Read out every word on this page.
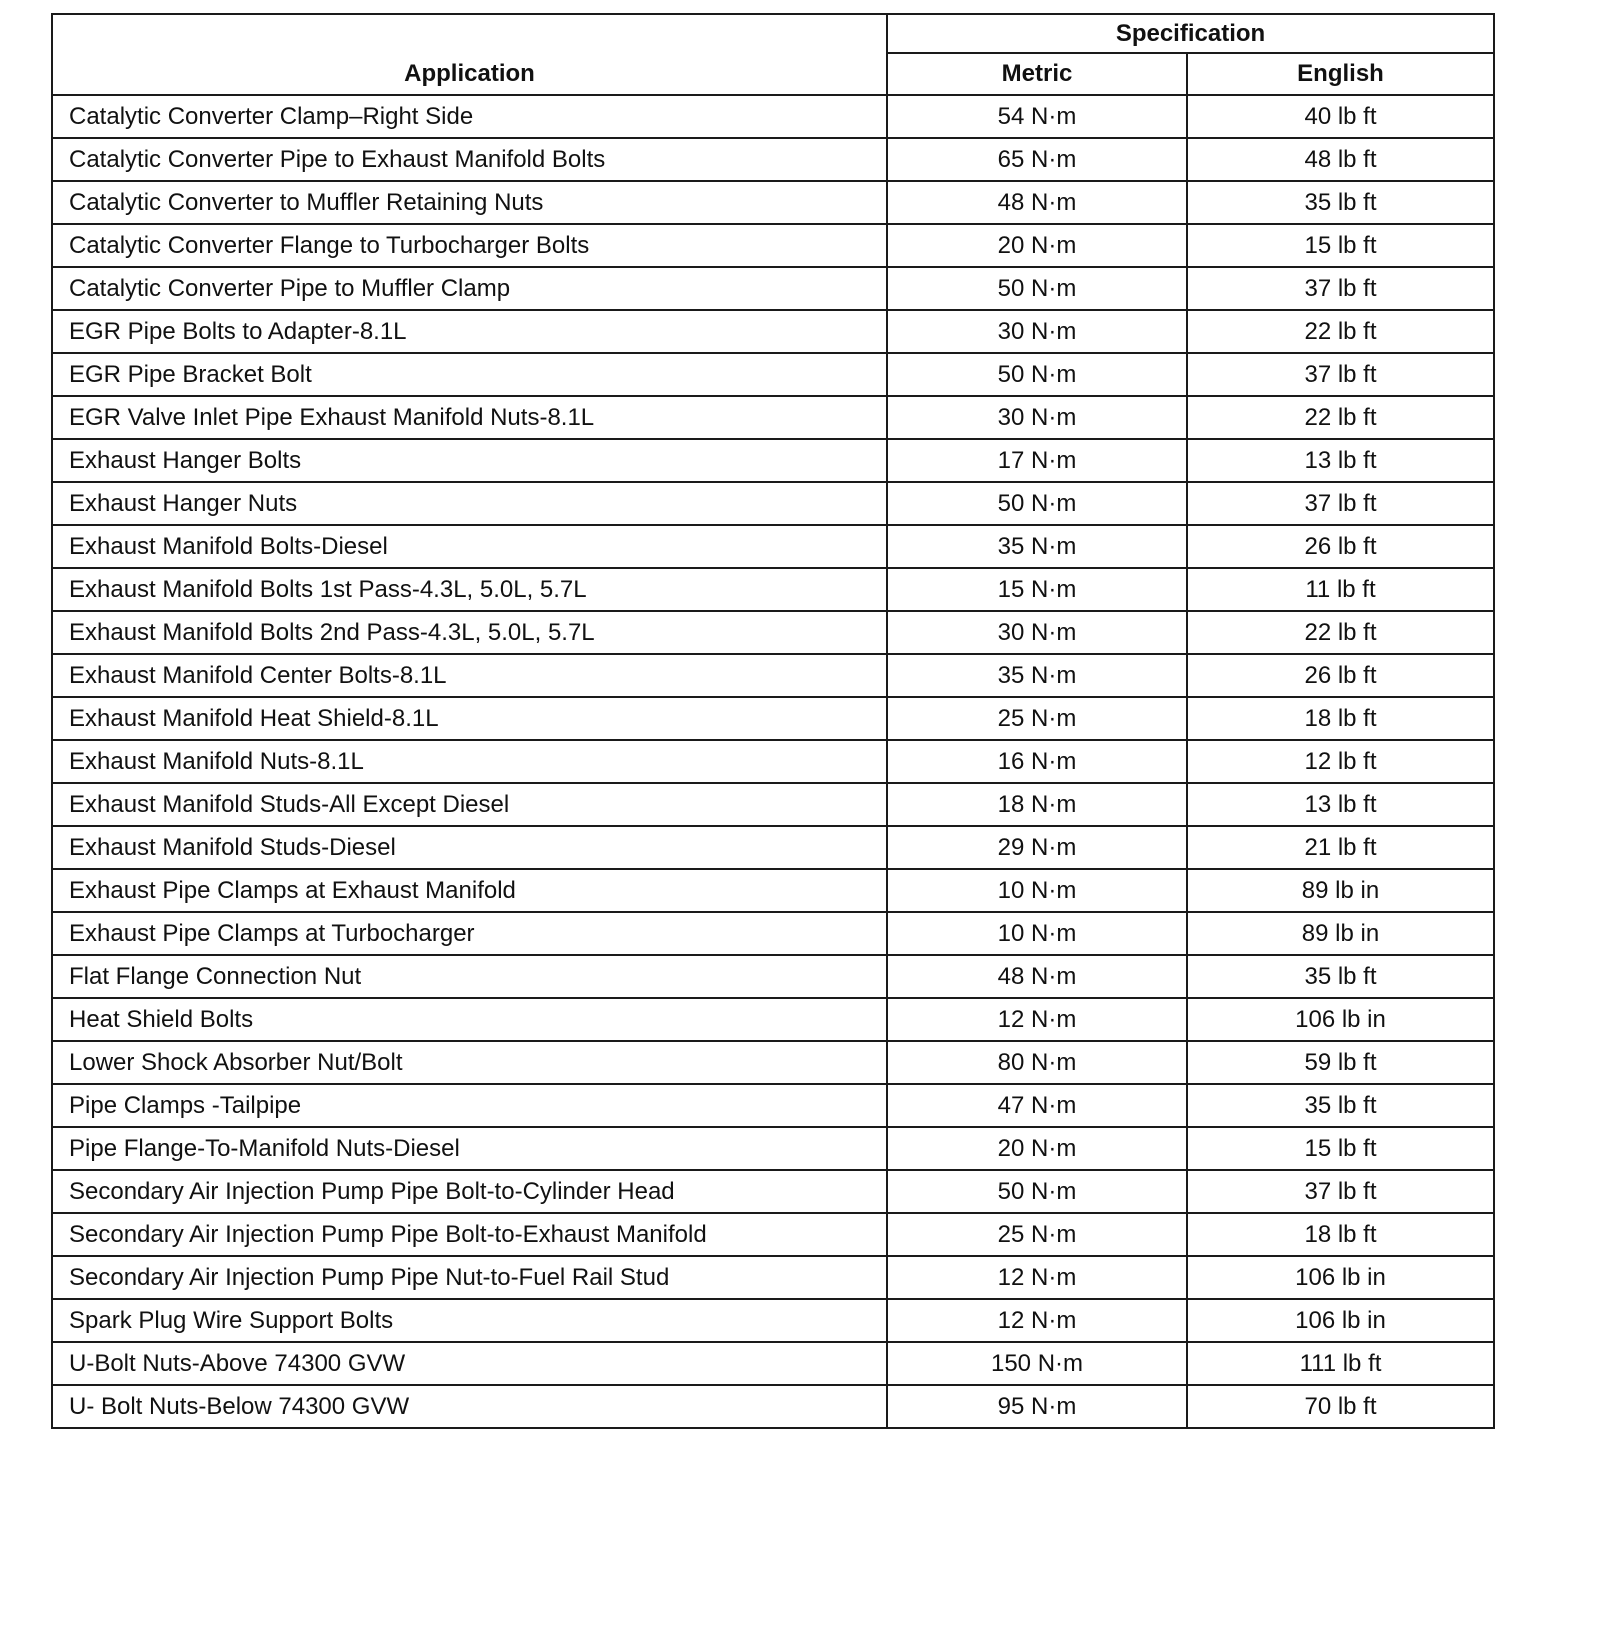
Application	Specification	
	Metric	English
Catalytic Converter Clamp–Right Side	54 N·m	40 lb ft
Catalytic Converter Pipe to Exhaust Manifold Bolts	65 N·m	48 lb ft
Catalytic Converter to Muffler Retaining Nuts	48 N·m	35 lb ft
Catalytic Converter Flange to Turbocharger Bolts	20 N·m	15 lb ft
Catalytic Converter Pipe to Muffler Clamp	50 N·m	37 lb ft
EGR Pipe Bolts to Adapter-8.1L	30 N·m	22 lb ft
EGR Pipe Bracket Bolt	50 N·m	37 lb ft
EGR Valve Inlet Pipe Exhaust Manifold Nuts-8.1L	30 N·m	22 lb ft
Exhaust Hanger Bolts	17 N·m	13 lb ft
Exhaust Hanger Nuts	50 N·m	37 lb ft
Exhaust Manifold Bolts-Diesel	35 N·m	26 lb ft
Exhaust Manifold Bolts 1st Pass-4.3L, 5.0L, 5.7L	15 N·m	11 lb ft
Exhaust Manifold Bolts 2nd Pass-4.3L, 5.0L, 5.7L	30 N·m	22 lb ft
Exhaust Manifold Center Bolts-8.1L	35 N·m	26 lb ft
Exhaust Manifold Heat Shield-8.1L	25 N·m	18 lb ft
Exhaust Manifold Nuts-8.1L	16 N·m	12 lb ft
Exhaust Manifold Studs-All Except Diesel	18 N·m	13 lb ft
Exhaust Manifold Studs-Diesel	29 N·m	21 lb ft
Exhaust Pipe Clamps at Exhaust Manifold	10 N·m	89 lb in
Exhaust Pipe Clamps at Turbocharger	10 N·m	89 lb in
Flat Flange Connection Nut	48 N·m	35 lb ft
Heat Shield Bolts	12 N·m	106 lb in
Lower Shock Absorber Nut/Bolt	80 N·m	59 lb ft
Pipe Clamps -Tailpipe	47 N·m	35 lb ft
Pipe Flange-To-Manifold Nuts-Diesel	20 N·m	15 lb ft
Secondary Air Injection Pump Pipe Bolt-to-Cylinder Head	50 N·m	37 lb ft
Secondary Air Injection Pump Pipe Bolt-to-Exhaust Manifold	25 N·m	18 lb ft
Secondary Air Injection Pump Pipe Nut-to-Fuel Rail Stud	12 N·m	106 lb in
Spark Plug Wire Support Bolts	12 N·m	106 lb in
U-Bolt Nuts-Above 74300 GVW	150 N·m	111 lb ft
U- Bolt Nuts-Below 74300 GVW	95 N·m	70 lb ft
